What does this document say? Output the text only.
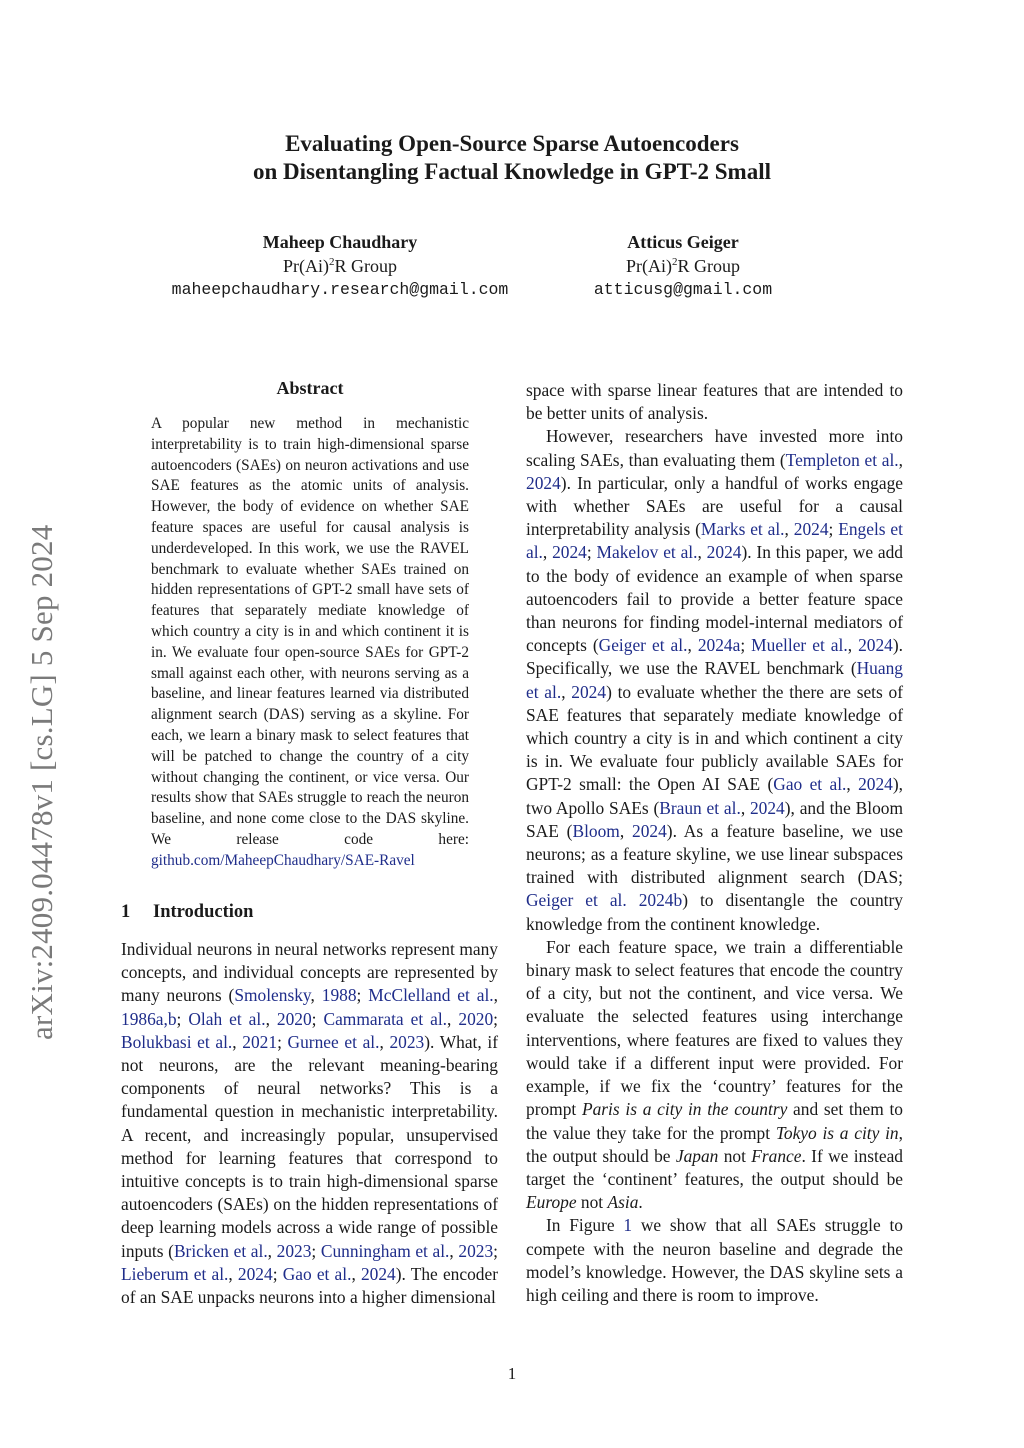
Evaluating Open-Source Sparse Autoencoders
on Disentangling Factual Knowledge in GPT-2 Small
Maheep Chaudhary
$Pr(Ai)^2R$ Group
maheepchaudhary.research@gmail.com
Atticus Geiger
$Pr(Ai)^2R$ Group
atticusg@gmail.com
arXiv:2409.04478v1 [cs.LG] 5 Sep 2024
Abstract
A popular new method in mechanistic interpretability is to train high-dimensional sparse autoencoders (SAEs) on neuron activations and use SAE features as the atomic units of analysis. However, the body of evidence on whether SAE feature spaces are useful for causal analysis is underdeveloped. In this work, we use the RAVEL benchmark to evaluate whether SAEs trained on hidden representations of GPT-2 small have sets of features that separately mediate knowledge of which country a city is in and which continent it is in. We evaluate four open-source SAEs for GPT-2 small against each other, with neurons serving as a baseline, and linear features learned via distributed alignment search (DAS) serving as a skyline. For each, we learn a binary mask to select features that will be patched to change the country of a city without changing the continent, or vice versa. Our results show that SAEs struggle to reach the neuron baseline, and none come close to the DAS skyline. We release code here: github.com/MaheepChaudhary/SAE-Ravel
1 Introduction

Individual neurons in neural networks represent many concepts, and individual concepts are represented by many neurons (Smolensky, 1988; McClelland et al., 1986a,b; Olah et al., 2020; Cammarata et al., 2020; Bolukbasi et al., 2021; Gurnee et al., 2023). What, if not neurons, are the relevant meaning-bearing components of neural networks? This is a fundamental question in mechanistic interpretability. A recent, and increasingly popular, unsupervised method for learning features that correspond to intuitive concepts is to train high-dimensional sparse autoencoders (SAEs) on the hidden representations of deep learning models across a wide range of possible inputs (Bricken et al., 2023; Cunningham et al., 2023; Lieberum et al., 2024; Gao et al., 2024). The encoder of an SAE unpacks neurons into a higher dimensional

space with sparse linear features that are intended to be better units of analysis.

However, researchers have invested more into scaling SAEs, than evaluating them (Templeton et al., 2024). In particular, only a handful of works engage with whether SAEs are useful for a causal interpretability analysis (Marks et al., 2024; Engels et al., 2024; Makelov et al., 2024). In this paper, we add to the body of evidence an example of when sparse autoencoders fail to provide a better feature space than neurons for finding model-internal mediators of concepts (Geiger et al., 2024a; Mueller et al., 2024). Specifically, we use the RAVEL benchmark (Huang et al., 2024) to evaluate whether the there are sets of SAE features that separately mediate knowledge of which country a city is in and which continent a city is in. We evaluate four publicly available SAEs for GPT-2 small: the Open AI SAE (Gao et al., 2024), two Apollo SAEs (Braun et al., 2024), and the Bloom SAE (Bloom, 2024). As a feature baseline, we use neurons; as a feature skyline, we use linear subspaces trained with distributed alignment search (DAS; Geiger et al. 2024b) to disentangle the country knowledge from the continent knowledge.

For each feature space, we train a differentiable binary mask to select features that encode the country of a city, but not the continent, and vice versa. We evaluate the selected features using interchange interventions, where features are fixed to values they would take if a different input were provided. For example, if we fix the ‘country’ features for the prompt Paris is a city in the country and set them to the value they take for the prompt Tokyo is a city in, the output should be Japan not France. If we instead target the ‘continent’ features, the output should be Europe not Asia.

In Figure 1 we show that all SAEs struggle to compete with the neuron baseline and degrade the model’s knowledge. However, the DAS skyline sets a high ceiling and there is room to improve.

1
